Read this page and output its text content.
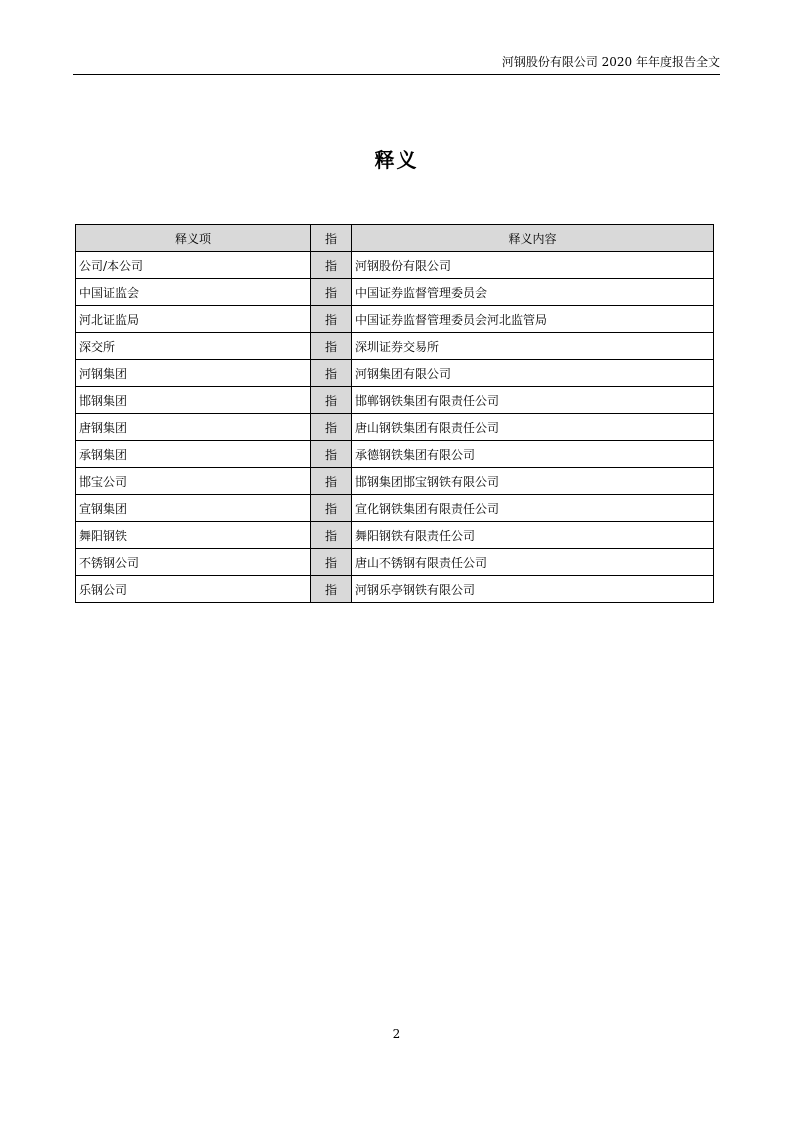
河钢股份有限公司 2020 年年度报告全文
释义
释义项	指	释义内容
公司/本公司	指	河钢股份有限公司
中国证监会	指	中国证券监督管理委员会
河北证监局	指	中国证券监督管理委员会河北监管局
深交所	指	深圳证券交易所
河钢集团	指	河钢集团有限公司
邯钢集团	指	邯郸钢铁集团有限责任公司
唐钢集团	指	唐山钢铁集团有限责任公司
承钢集团	指	承德钢铁集团有限公司
邯宝公司	指	邯钢集团邯宝钢铁有限公司
宣钢集团	指	宣化钢铁集团有限责任公司
舞阳钢铁	指	舞阳钢铁有限责任公司
不锈钢公司	指	唐山不锈钢有限责任公司
乐钢公司	指	河钢乐亭钢铁有限公司
2
